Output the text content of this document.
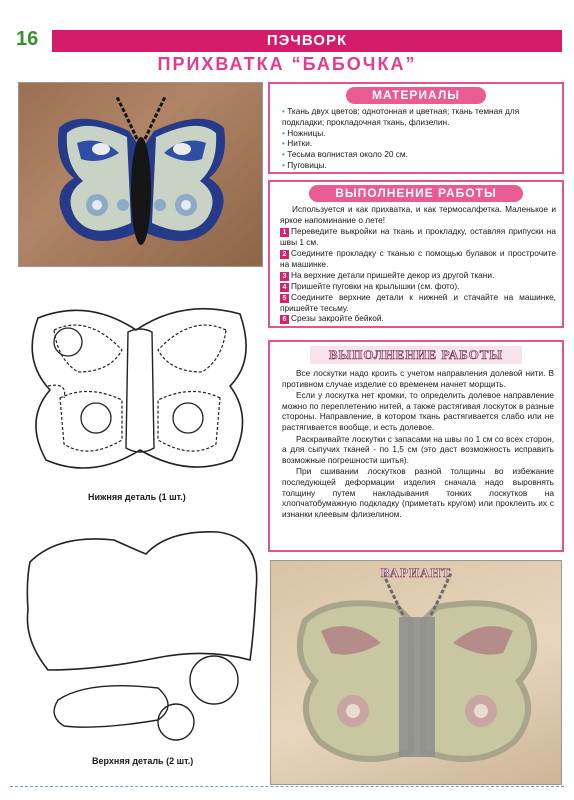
16	ПЭЧВОРК
ПРИХВАТКА “БАБОЧКА”
МАТЕРИАЛЫ
• Ткань двух цветов: однотонная и цветная; ткань темная для подкладки; прокладочная ткань, флизелин.
• Ножницы.
• Нитки.
• Тесьма волнистая около 20 см.
• Пуговицы.
ВЫПОЛНЕНИЕ РАБОТЫ

Используется и как прихватка, и как термосалфетка. Маленькое и яркое напоминание о лете!

1 Переведите выкройки на ткань и прокладку, оставляя припуски на швы 1 см.
2 Соедините прокладку с тканью с помощью булавок и прострочите на машинке.
3 На верхние детали пришейте декор из другой ткани.
4 Пришейте пуговки на крылышки (см. фото).
5 Соедините верхние детали к нижней и стачайте на машинке, пришейте тесьму.
6 Срезы закройте бейкой.
ВЫПОЛНЕНИЕ РАБОТЫ

Все лоскутки надо кроить с учетом направления долевой нити. В противном случае изделие со временем начнет морщить.

Если у лоскутка нет кромки, то определить долевое направление можно по переплетению нитей, а также растягивая лоскуток в разные стороны. Направление, в котором ткань растягивается слабо или не растягивается вообще, и есть долевое.

Раскраивайте лоскутки с запасами на швы по 1 см со всех сторон, а для сыпучих тканей - по 1,5 см (это даст возможность исправить возможные погрешности шитья).

При сшивании лоскутков разной толщины во избежание последующей деформации изделия сначала надо выровнять толщину путем накладывания тонких лоскутков на хлопчатобумажную подкладку (приметать кругом) или проклеить их с изнанки клеевым флизелином.

Нижняя деталь (1 шт.)
Верхняя деталь (2 шт.)
ВАРИАНТ
